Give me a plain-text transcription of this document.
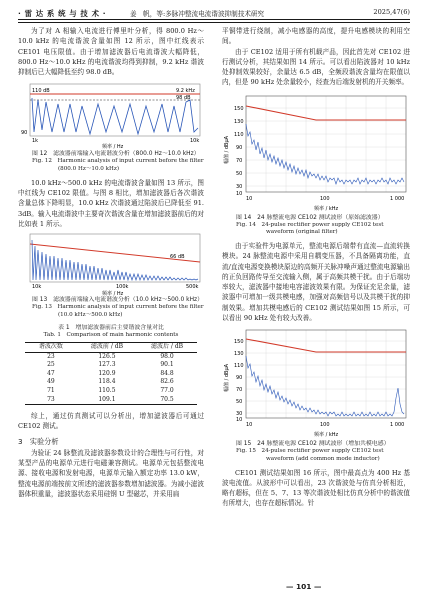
· 雷 达 系 统 与 技 术 ·	姜　帆，等:多脉冲整流电流谐波抑制技术研究	2025,47(6)

为了对 A 相输入电流进行傅里叶分析，得 800.0 Hz～10.0 kHz 的电流谐波含量如图 12 所示，图中红线表示 CE101 电压限值。由于增加滤波器后电流谐波大幅降低，800.0 Hz～10.0 kHz 的电流谐波均得到抑制，9.2 kHz 谐波抑制后已大幅降低至约 98.0 dB。

110 dB
90
9.2 kHz
98 dB
1k	10k
频率 / Hz
图 12　滤波器前端输入电流谐波分析（800.0 Hz～10.0 kHz）
Fig. 12　Harmonic analysis of input current before the filter
(800.0 Hz～10.0 kHz)

10.0 kHz～500.0 kHz 的电流谐波含量如图 13 所示，图中红线为 CE102 限值。与图 8 相比，增加滤波器后各次谐波含量总体下降明显，10.0 kHz 次谐波通过陷波后已降低至 91. 3dB。输入电流谐波中主要奇次谐波含量在增加滤波器前后的对比如表 1 所示。

66 dB
10k	100k	500k
频率 / Hz
图 13　滤波器前端输入电流谐波分析（10.0 kHz～500.0 kHz）
Fig. 13　Harmonic analysis of input current before the filter
(10.0 kHz～500.0 kHz)
表 1　增加滤波器前后主要谐波含量对比
Tab. 1　Comparison of main harmonic contents
谐波次数	滤波前 / dB	滤波后 / dB
23	126.5	98.0
25	127.3	90.1
47	120.9	84.8
49	118.4	82.6
71	110.5	77.0
73	109.1	70.5

综上，通过仿真测试可以分析出，增加滤波器后可通过 CE102 测试。

3　实验分析

为验证 24 脉整流及滤波器参数设计的合理性与可行性，对某型产品的电源单元进行电磁兼容测试。电源单元包括整流电源、接收电源和发射电源，电源单元输入额定功率 13.0 kW，整流电源前端按前文所述的滤波器参数增加滤波器。为减小滤波器体积重量，滤波器状态采用硅钢 U 型磁芯，并采用扁

平铜带进行绕制，减小电感器的高度，提升电感模块的利用空间。

由于 CE102 适用于所有机载产品，因此首先对 CE102 进行测试分析，其结果如图 14 所示。可以看出陷波器对 10 kHz 处抑制效果较好，余量达 6.5 dB，全频段谐波含量均在限值以内，但是 90 kHz 处余量较小，经查为后端发射机的开关频率。

150
130
110
90
70
50
30
10
幅值 / dBμA
10	100	1 000
频率 / kHz
图 14　24 脉整流电源 CE102 测试波形（原始滤波器）
Fig. 14　24-pulse rectifier power supply CE102 test
waveform (original filter)

由于实验件为电源单元，整流电源后端带有直流—直流转换模块。24 脉整流电源中采用自耦变压器，不具备隔离功能，直流/直流电源变换模块原边的高频开关脉冲噪声通过整流电源输出的正负回路传导至交流输入侧，属于高频共模干扰。由于后端功率较大，滤波器中接地电容滤波效果有限。为保证充足余量，滤波器中可增加一级共模电感，加强对高频信号以及共模干扰的抑制效果。增加共模电感后的 CE102 测试结果如图 15 所示，可以看出 90 kHz 处有较大改善。

150
130
110
90
70
50
30
10
幅值 / dBμA
10	100	1 000
频率 / kHz
图 15　24 脉整流电源 CE102 测试波形（增加共模电感）
Fig. 15　24-pulse rectifier power supply CE102 test
waveform (add common mode inductor)

CE101 测试结果如图 16 所示，图中最高点为 400 Hz 基波电流值。从波形中可以看出，23 次谐波处与仿真分析相近，略有超标，但在 5、7、13 等次谐波处相比仿真分析中的谐波值有所增大，也存在超标情况。针

— 101 —
